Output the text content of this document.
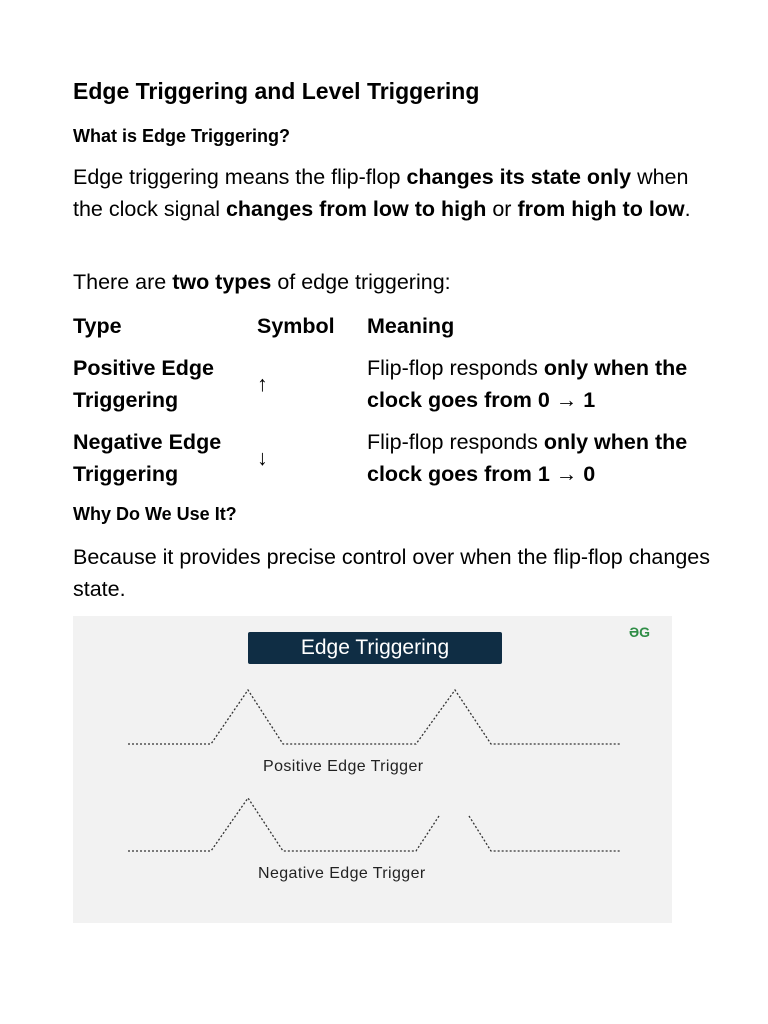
Edge Triggering and Level Triggering
What is Edge Triggering?

Edge triggering means the flip-flop changes its state only when the clock signal changes from low to high or from high to low.

There are two types of edge triggering:

Type	Symbol	Meaning
Positive Edge Triggering
↑
Flip-flop responds only when the clock goes from 0 → 1
Negative Edge Triggering
↓
Flip-flop responds only when the clock goes from 1 → 0
Why Do We Use It?

Because it provides precise control over when the flip-flop changes state.

Edge Triggering
ƏG
Positive Edge Trigger
Negative Edge Trigger
